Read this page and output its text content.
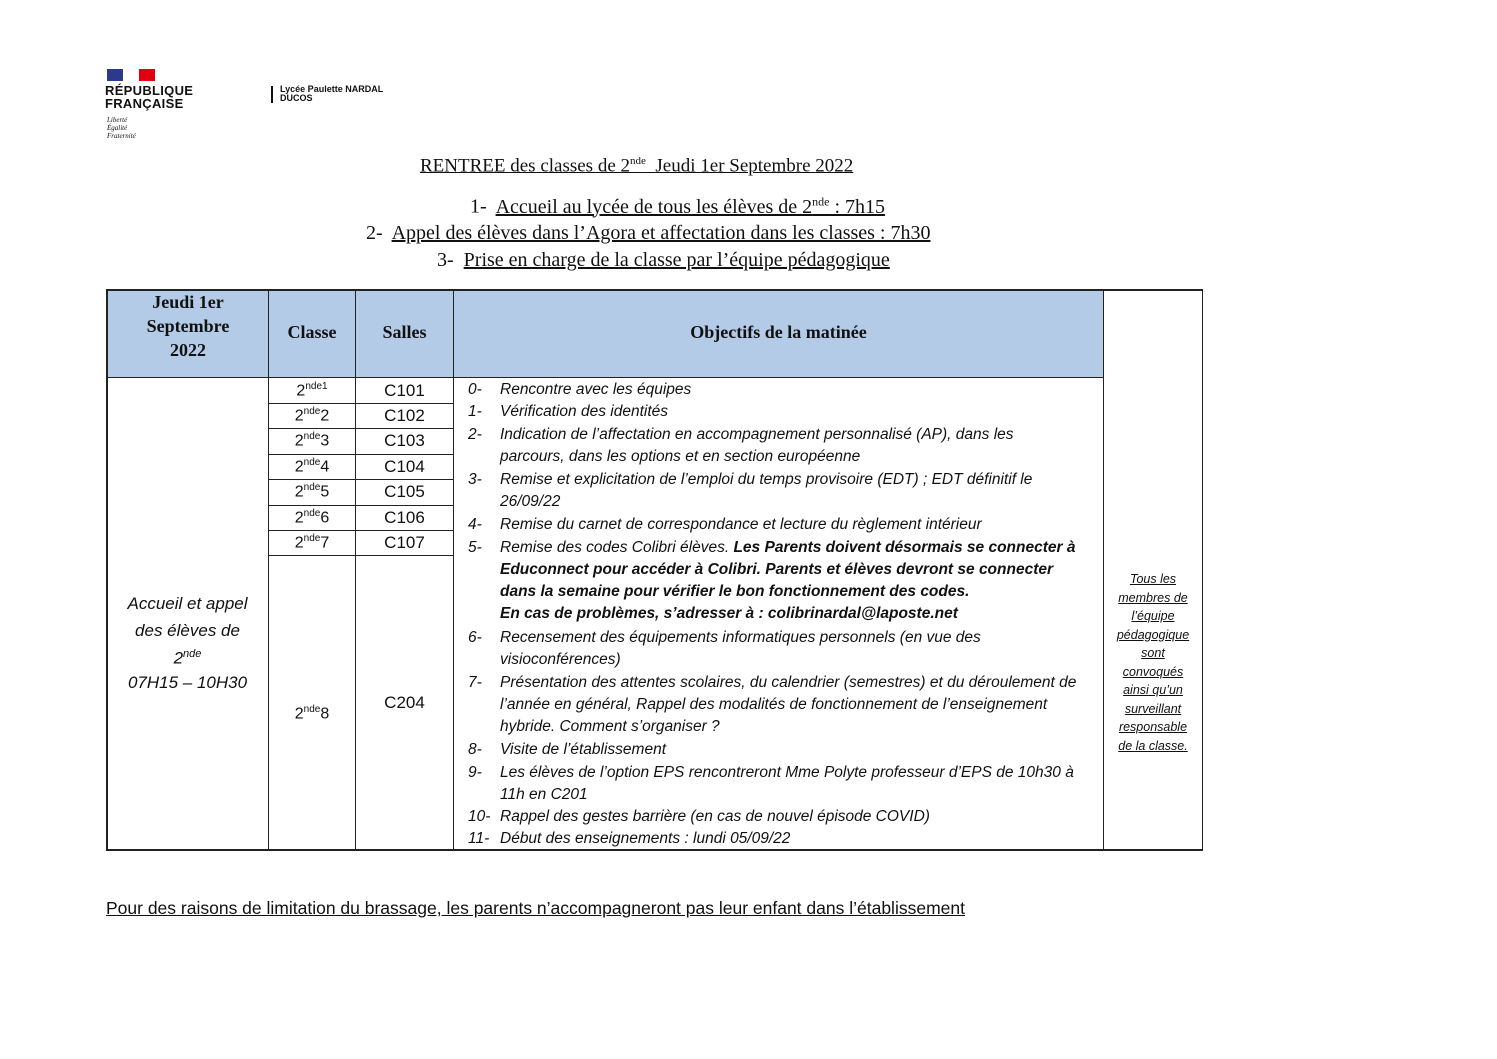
RÉPUBLIQUE
FRANÇAISE
Liberté
Égalité
Fraternité
Lycée Paulette NARDAL
DUCOS
RENTREE des classes de 2nde  Jeudi 1er Septembre 2022
1- Accueil au lycée de tous les élèves de 2nde : 7h15
2- Appel des élèves dans l’Agora et affectation dans les classes : 7h30
3- Prise en charge de la classe par l’équipe pédagogique
Jeudi 1er
Septembre
2022
Classe	Salles	Objectifs de la matinée
$2^{nde1}$
2nde2
2nde3
2nde4
2nde5
2nde6
2nde7
2nde8
C101
C102
C103
C104
C105
C106
C107
C204
Accueil et appel
des élèves de
2nde
07H15 – 10H30
0- Rencontre avec les équipes
1- Vérification des identités
2- Indication de l’affectation en accompagnement personnalisé (AP), dans les
parcours, dans les options et en section européenne
3- Remise et explicitation de l’emploi du temps provisoire (EDT) ; EDT définitif le
26/09/22
4- Remise du carnet de correspondance et lecture du règlement intérieur
5- Remise des codes Colibri élèves. Les Parents doivent désormais se connecter à
Educonnect pour accéder à Colibri. Parents et élèves devront se connecter
dans la semaine pour vérifier le bon fonctionnement des codes.
En cas de problèmes, s’adresser à : colibrinardal@laposte.net
6- Recensement des équipements informatiques personnels (en vue des
visioconférences)
7- Présentation des attentes scolaires, du calendrier (semestres) et du déroulement de
l’année en général, Rappel des modalités de fonctionnement de l’enseignement
hybride. Comment s’organiser ?
8- Visite de l’établissement
9- Les élèves de l’option EPS rencontreront Mme Polyte professeur d’EPS de 10h30 à
11h en C201
10- Rappel des gestes barrière (en cas de nouvel épisode COVID)
11- Début des enseignements : lundi 05/09/22
Tous les
membres de
l’équipe
pédagogique
sont
convoqués
ainsi qu’un
surveillant
responsable
de la classe.
Pour des raisons de limitation du brassage, les parents n’accompagneront pas leur enfant dans l’établissement
